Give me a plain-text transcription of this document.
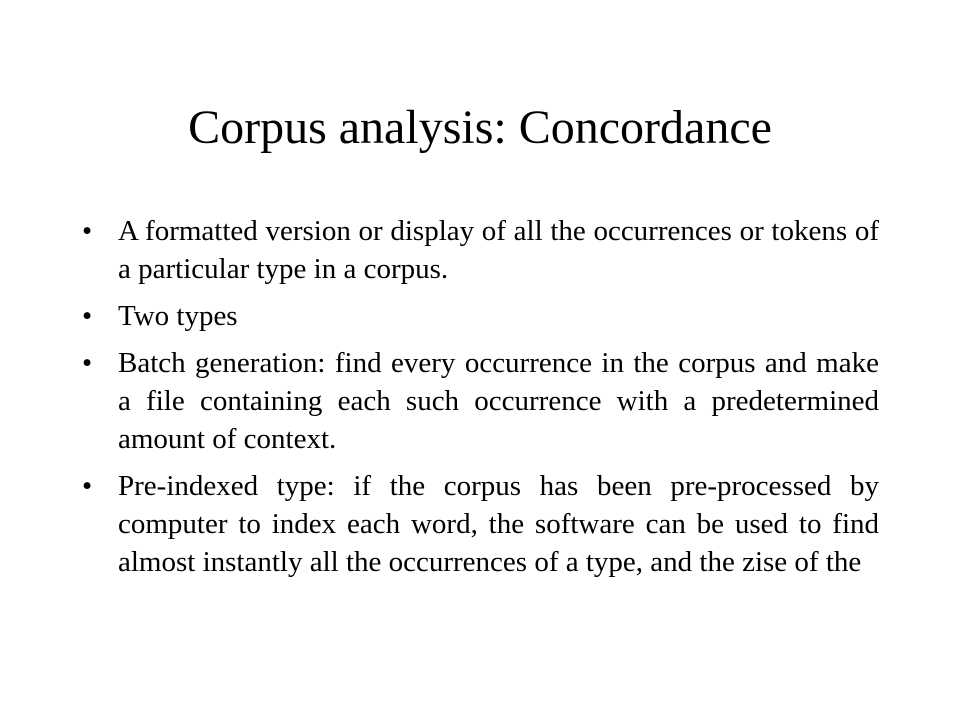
Corpus analysis: Concordance
• A formatted version or display of all the occurrences or tokens of a particular type in a corpus.
• Two types
• Batch generation: find every occurrence in the corpus and make a file containing each such occurrence with a predetermined amount of context.
• Pre-indexed type: if the corpus has been pre-processed by computer to index each word, the software can be used to find almost instantly all the occurrences of a type, and the zise of the
